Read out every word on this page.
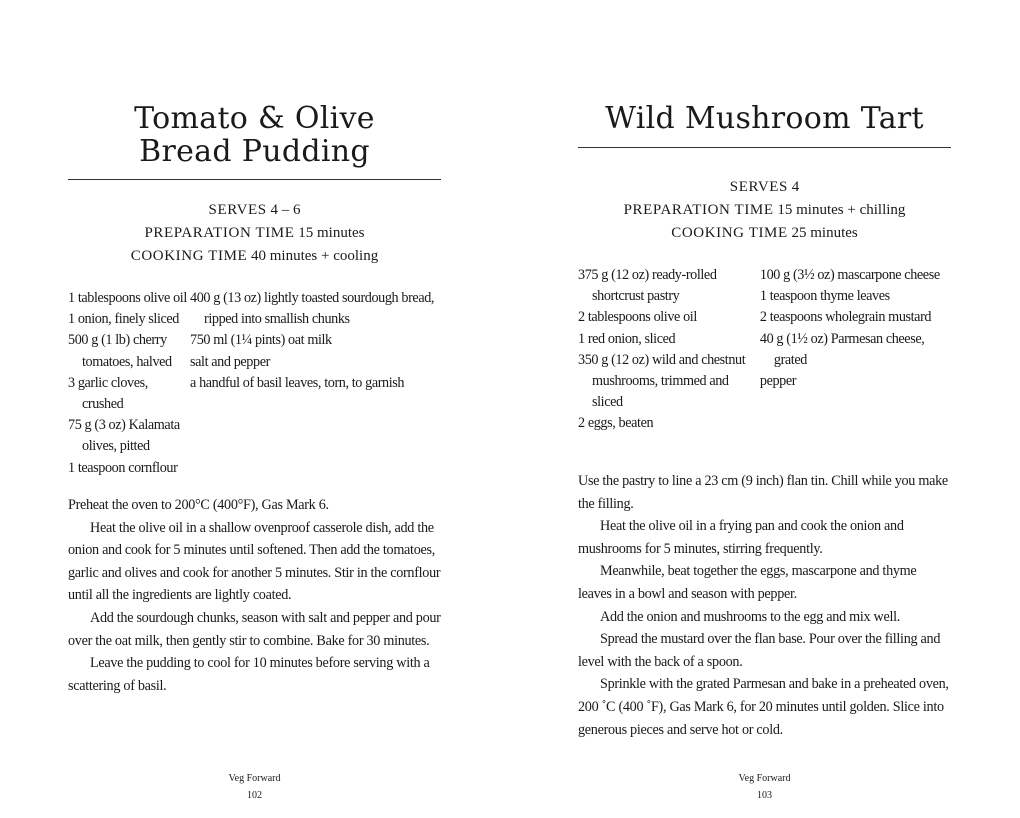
Tomato & Olive
Bread Pudding
SERVES 4 – 6
PREPARATION TIME 15 minutes
COOKING TIME 40 minutes + cooling
1 tablespoons olive oil
1 onion, finely sliced
500 g (1 lb) cherry tomatoes, halved
3 garlic cloves, crushed
75 g (3 oz) Kalamata olives, pitted
1 teaspoon cornflour
400 g (13 oz) lightly toasted sourdough bread, ripped into smallish chunks
750 ml (1¼ pints) oat milk
salt and pepper
a handful of basil leaves, torn, to garnish

Preheat the oven to 200°C (400°F), Gas Mark 6.

Heat the olive oil in a shallow ovenproof casserole dish, add the onion and cook for 5 minutes until softened. Then add the tomatoes, garlic and olives and cook for another 5 minutes. Stir in the cornflour until all the ingredients are lightly coated.

Add the sourdough chunks, season with salt and pepper and pour over the oat milk, then gently stir to combine. Bake for 30 minutes.

Leave the pudding to cool for 10 minutes before serving with a scattering of basil.

Veg Forward
102
Wild Mushroom Tart
SERVES 4
PREPARATION TIME 15 minutes + chilling
COOKING TIME 25 minutes
375 g (12 oz) ready-rolled shortcrust pastry
2 tablespoons olive oil
1 red onion, sliced
350 g (12 oz) wild and chestnut mushrooms, trimmed and sliced
2 eggs, beaten
100 g (3½ oz) mascarpone cheese
1 teaspoon thyme leaves
2 teaspoons wholegrain mustard
40 g (1½ oz) Parmesan cheese, grated
pepper

Use the pastry to line a 23 cm (9 inch) flan tin. Chill while you make the filling.

Heat the olive oil in a frying pan and cook the onion and mushrooms for 5 minutes, stirring frequently.

Meanwhile, beat together the eggs, mascarpone and thyme leaves in a bowl and season with pepper.

Add the onion and mushrooms to the egg and mix well.

Spread the mustard over the flan base. Pour over the filling and level with the back of a spoon.

Sprinkle with the grated Parmesan and bake in a preheated oven, 200 ˚C (400 ˚F), Gas Mark 6, for 20 minutes until golden. Slice into generous pieces and serve hot or cold.

Veg Forward
103
